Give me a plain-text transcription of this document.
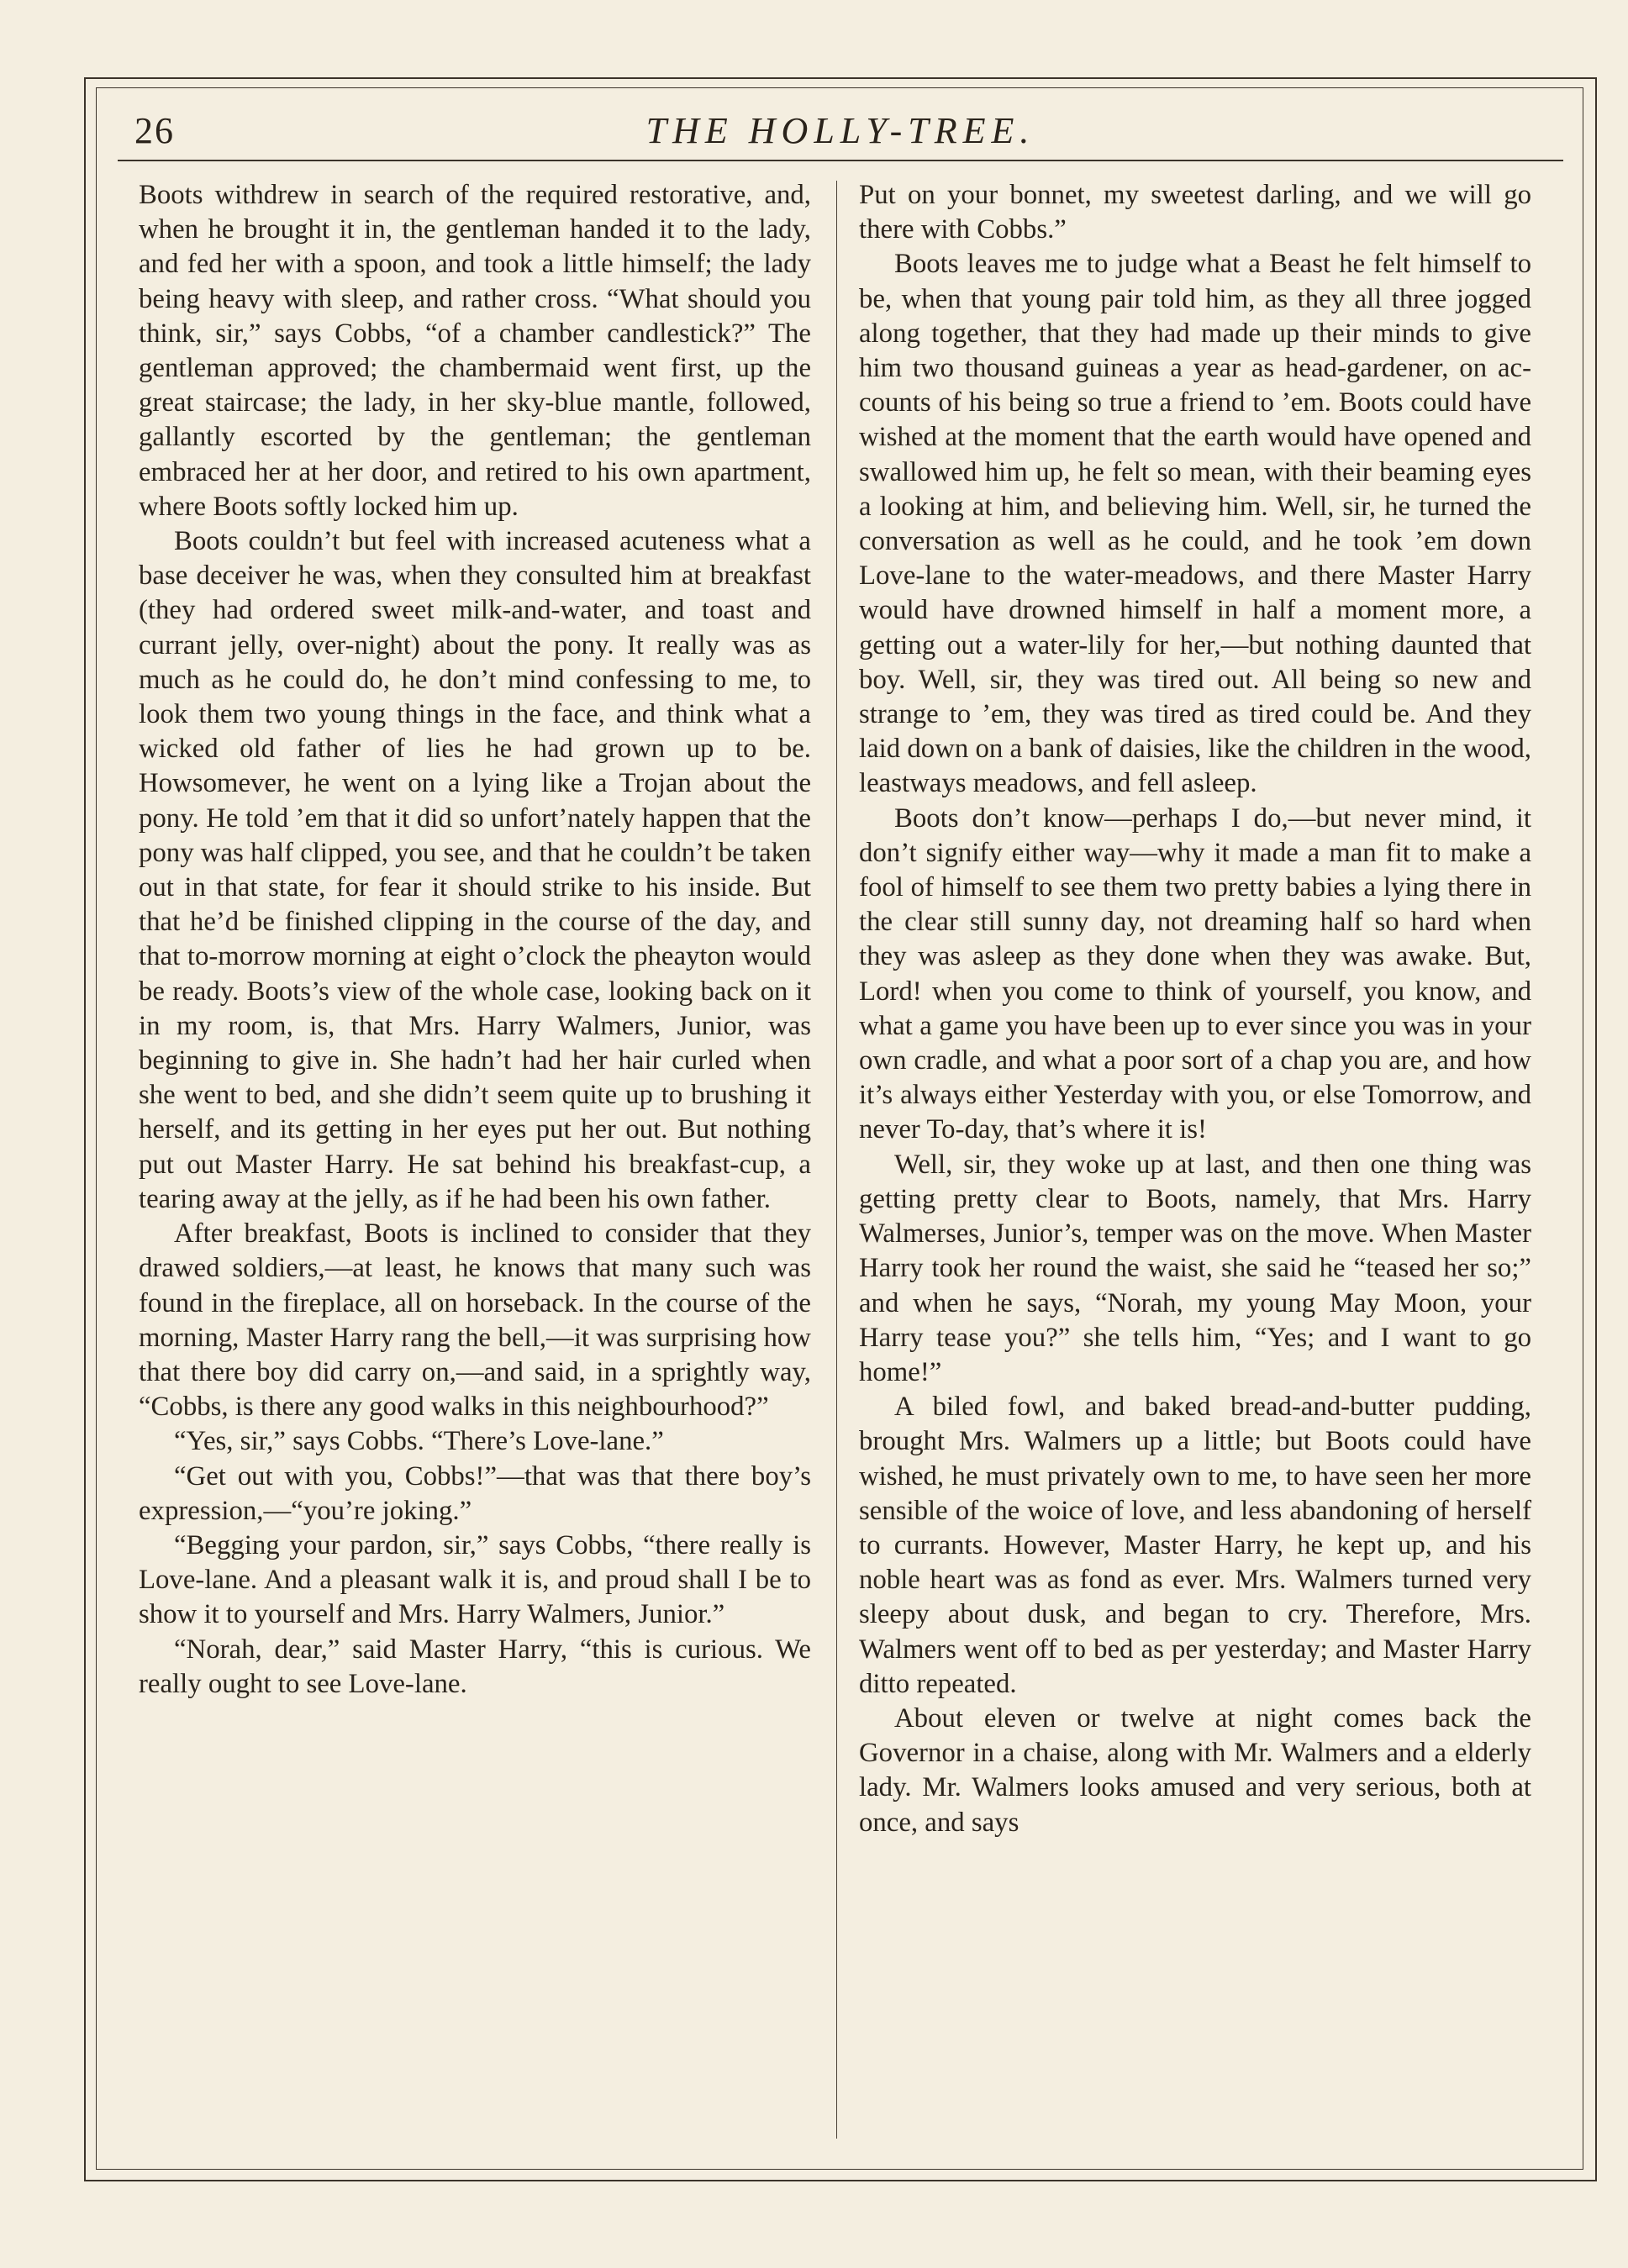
26	THE HOLLY-TREE.

Boots withdrew in search of the required restorative, and, when he brought it in, the gentleman handed it to the lady, and fed her with a spoon, and took a little himself; the lady being heavy with sleep, and rather cross. “What should you think, sir,” says Cobbs, “of a chamber candlestick?” The gentleman approved; the chambermaid went first, up the great staircase; the lady, in her sky-blue mantle, followed, gallantly escorted by the gentleman; the gentleman embraced her at her door, and retired to his own apartment, where Boots softly locked him up.

Boots couldn’t but feel with increased acuteness what a base deceiver he was, when they consulted him at breakfast (they had ordered sweet milk-and-water, and toast and currant jelly, over-night) about the pony. It really was as much as he could do, he don’t mind confessing to me, to look them two young things in the face, and think what a wicked old father of lies he had grown up to be. Howsomever, he went on a lying like a Trojan about the pony. He told ’em that it did so unfort’nately happen that the pony was half clipped, you see, and that he couldn’t be taken out in that state, for fear it should strike to his inside. But that he’d be finished clipping in the course of the day, and that to-morrow morning at eight o’clock the pheayton would be ready. Boots’s view of the whole case, looking back on it in my room, is, that Mrs. Harry Walmers, Junior, was beginning to give in. She hadn’t had her hair curled when she went to bed, and she didn’t seem quite up to brushing it herself, and its getting in her eyes put her out. But nothing put out Master Harry. He sat behind his breakfast-cup, a tearing away at the jelly, as if he had been his own father.

After breakfast, Boots is inclined to consider that they drawed soldiers,—at least, he knows that many such was found in the fireplace, all on horseback. In the course of the morning, Master Harry rang the bell,—it was surprising how that there boy did carry on,—and said, in a sprightly way, “Cobbs, is there any good walks in this neighbourhood?”

“Yes, sir,” says Cobbs. “There’s Love-lane.”

“Get out with you, Cobbs!”—that was that there boy’s expression,—“you’re joking.”

“Begging your pardon, sir,” says Cobbs, “there really is Love-lane. And a pleasant walk it is, and proud shall I be to show it to yourself and Mrs. Harry Walmers, Junior.”

“Norah, dear,” said Master Harry, “this is curious. We really ought to see Love-lane.

Put on your bonnet, my sweetest darling, and we will go there with Cobbs.”

Boots leaves me to judge what a Beast he felt himself to be, when that young pair told him, as they all three jogged along together, that they had made up their minds to give him two thousand guineas a year as head-gardener, on accounts of his being so true a friend to ’em. Boots could have wished at the moment that the earth would have opened and swallowed him up, he felt so mean, with their beaming eyes a looking at him, and believing him. Well, sir, he turned the conversation as well as he could, and he took ’em down Love-lane to the water-meadows, and there Master Harry would have drowned himself in half a moment more, a getting out a water-lily for her,—but nothing daunted that boy. Well, sir, they was tired out. All being so new and strange to ’em, they was tired as tired could be. And they laid down on a bank of daisies, like the children in the wood, leastways meadows, and fell asleep.

Boots don’t know—perhaps I do,—but never mind, it don’t signify either way—why it made a man fit to make a fool of himself to see them two pretty babies a lying there in the clear still sunny day, not dreaming half so hard when they was asleep as they done when they was awake. But, Lord! when you come to think of yourself, you know, and what a game you have been up to ever since you was in your own cradle, and what a poor sort of a chap you are, and how it’s always either Yesterday with you, or else Tomorrow, and never To-day, that’s where it is!

Well, sir, they woke up at last, and then one thing was getting pretty clear to Boots, namely, that Mrs. Harry Walmerses, Junior’s, temper was on the move. When Master Harry took her round the waist, she said he “teased her so;” and when he says, “Norah, my young May Moon, your Harry tease you?” she tells him, “Yes; and I want to go home!”

A biled fowl, and baked bread-and-butter pudding, brought Mrs. Walmers up a little; but Boots could have wished, he must privately own to me, to have seen her more sensible of the woice of love, and less abandoning of herself to currants. However, Master Harry, he kept up, and his noble heart was as fond as ever. Mrs. Walmers turned very sleepy about dusk, and began to cry. Therefore, Mrs. Walmers went off to bed as per yesterday; and Master Harry ditto repeated.

About eleven or twelve at night comes back the Governor in a chaise, along with Mr. Walmers and a elderly lady. Mr. Walmers looks amused and very serious, both at once, and says
